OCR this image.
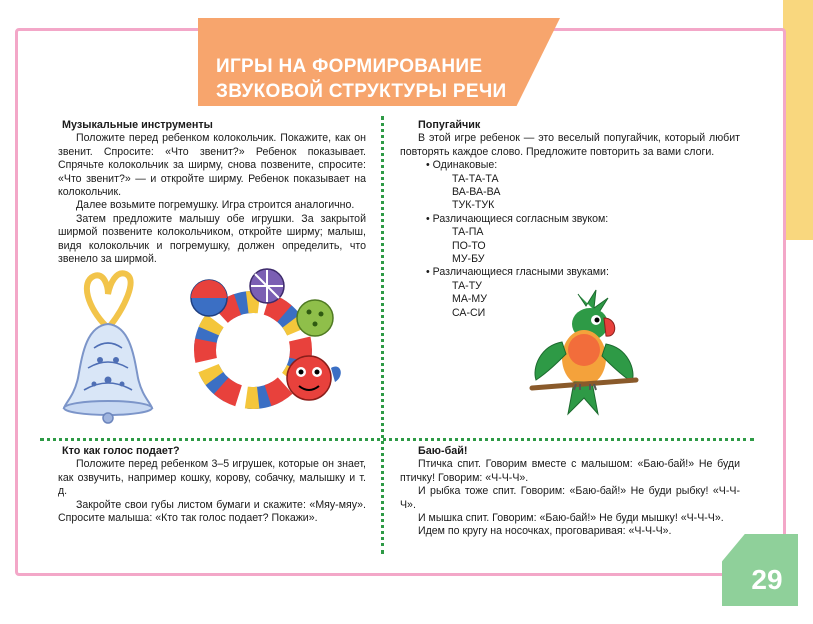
ИГРЫ НА ФОРМИРОВАНИЕ
ЗВУКОВОЙ СТРУКТУРЫ РЕЧИ
Музыкальные инструменты

Положите перед ребенком колокольчик. Покажите, как он звенит. Спросите: «Что звенит?» Ребенок показывает. Спрячьте колокольчик за ширму, снова позвените, спросите: «Что звенит?» — и откройте ширму. Ребенок показывает на колокольчик.

Далее возьмите погремушку. Игра строится аналогично.

Затем предложите малышу обе игрушки. За закрытой ширмой позвените колокольчиком, откройте ширму; малыш, видя колокольчик и погремушку, должен определить, что звенело за ширмой.

Попугайчик

В этой игре ребенок — это веселый попугайчик, который любит повторять каждое слово. Предложите повторить за вами слоги.

• Одинаковые:
ТА-ТА-ТА
ВА-ВА-ВА
ТУК-ТУК
• Различающиеся согласным звуком:
ТА-ПА
ПО-ТО
МУ-БУ
• Различающиеся гласными звуками:
ТА-ТУ
МА-МУ
СА-СИ
Кто как голос подает?

Положите перед ребенком 3–5 игрушек, которые он знает, как озвучить, например кошку, корову, собачку, малышку и т. д.

Закройте свои губы листом бумаги и скажите: «Мяу-мяу». Спросите малыша: «Кто так голос подает? Покажи».

Баю-бай!

Птичка спит. Говорим вместе с малышом: «Баю-бай!» Не буди птичку! Говорим: «Ч-Ч-Ч».

И рыбка тоже спит. Говорим: «Баю-бай!» Не буди рыбку! «Ч-Ч-Ч».

И мышка спит. Говорим: «Баю-бай!» Не буди мышку! «Ч-Ч-Ч».

Идем по кругу на носочках, проговаривая: «Ч-Ч-Ч».

29
